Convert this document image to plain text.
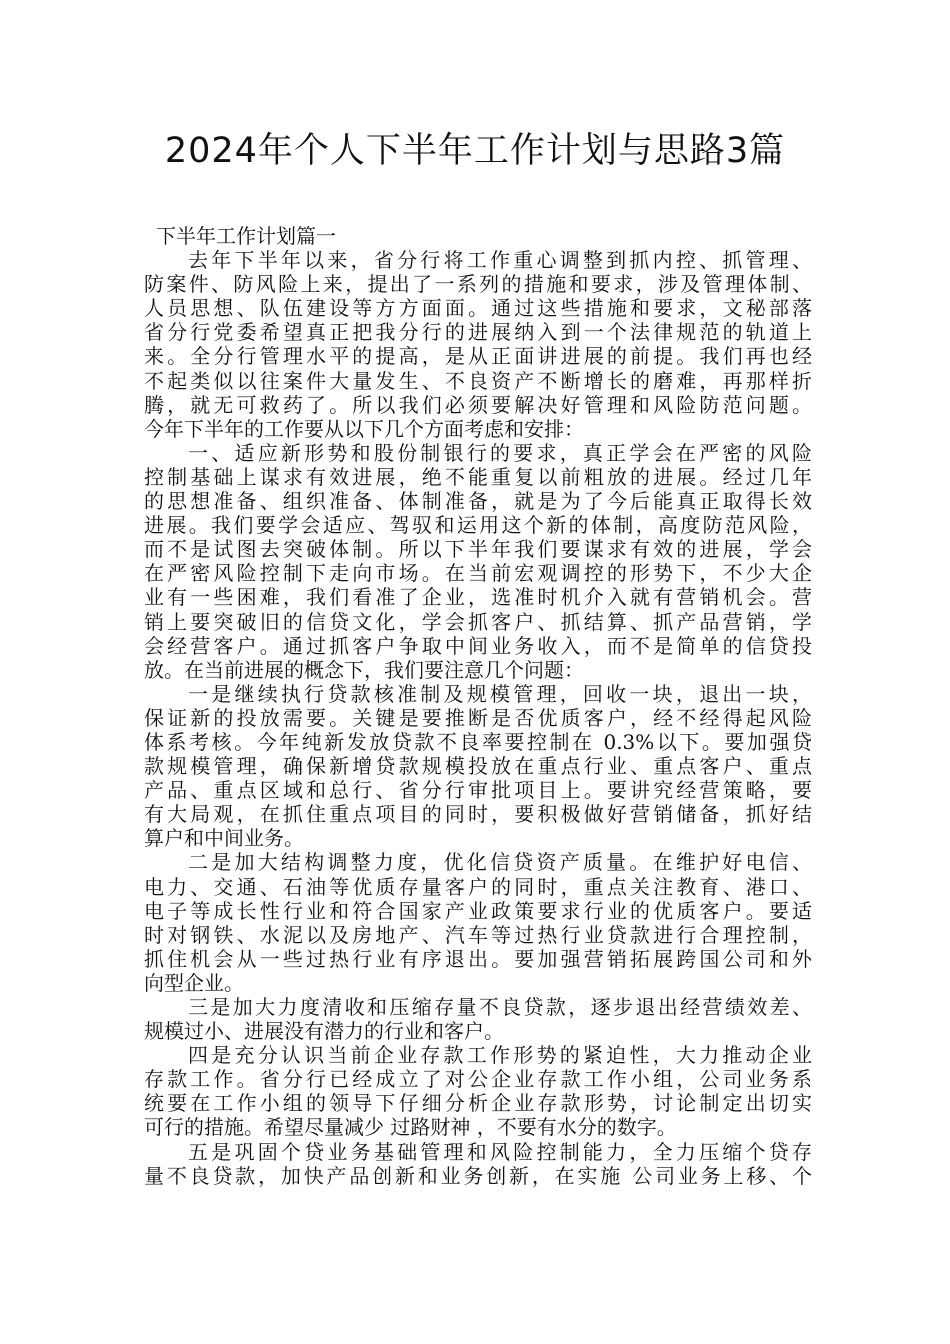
2024年个人下半年工作计划与思路3篇
下半年工作计划篇一
去年下半年以来，省分行将工作重心调整到抓内控、抓管理、
防案件、防风险上来，提出了一系列的措施和要求，涉及管理体制、
人员思想、队伍建设等方方面面。通过这些措施和要求，文秘部落
省分行党委希望真正把我分行的进展纳入到一个法律规范的轨道上
来。全分行管理水平的提高，是从正面讲进展的前提。我们再也经
不起类似以往案件大量发生、不良资产不断增长的磨难，再那样折
腾，就无可救药了。所以我们必须要解决好管理和风险防范问题。
今年下半年的工作要从以下几个方面考虑和安排：
一、适应新形势和股份制银行的要求，真正学会在严密的风险
控制基础上谋求有效进展，绝不能重复以前粗放的进展。经过几年
的思想准备、组织准备、体制准备，就是为了今后能真正取得长效
进展。我们要学会适应、驾驭和运用这个新的体制，高度防范风险，
而不是试图去突破体制。所以下半年我们要谋求有效的进展，学会
在严密风险控制下走向市场。在当前宏观调控的形势下，不少大企
业有一些困难，我们看准了企业，选准时机介入就有营销机会。营
销上要突破旧的信贷文化，学会抓客户、抓结算、抓产品营销，学
会经营客户。通过抓客户争取中间业务收入，而不是简单的信贷投
放。在当前进展的概念下，我们要注意几个问题：
一是继续执行贷款核准制及规模管理，回收一块，退出一块，
保证新的投放需要。关键是要推断是否优质客户，经不经得起风险
体系考核。今年纯新发放贷款不良率要控制在 0.3%以下。要加强贷
款规模管理，确保新增贷款规模投放在重点行业、重点客户、重点
产品、重点区域和总行、省分行审批项目上。要讲究经营策略，要
有大局观，在抓住重点项目的同时，要积极做好营销储备，抓好结
算户和中间业务。
二是加大结构调整力度，优化信贷资产质量。在维护好电信、
电力、交通、石油等优质存量客户的同时，重点关注教育、港口、
电子等成长性行业和符合国家产业政策要求行业的优质客户。要适
时对钢铁、水泥以及房地产、汽车等过热行业贷款进行合理控制，
抓住机会从一些过热行业有序退出。要加强营销拓展跨国公司和外
向型企业。
三是加大力度清收和压缩存量不良贷款，逐步退出经营绩效差、
规模过小、进展没有潜力的行业和客户。
四是充分认识当前企业存款工作形势的紧迫性，大力推动企业
存款工作。省分行已经成立了对公企业存款工作小组，公司业务系
统要在工作小组的领导下仔细分析企业存款形势，讨论制定出切实
可行的措施。希望尽量减少 过路财神 ，不要有水分的数字。
五是巩固个贷业务基础管理和风险控制能力，全力压缩个贷存
量不良贷款，加快产品创新和业务创新，在实施 公司业务上移、个
